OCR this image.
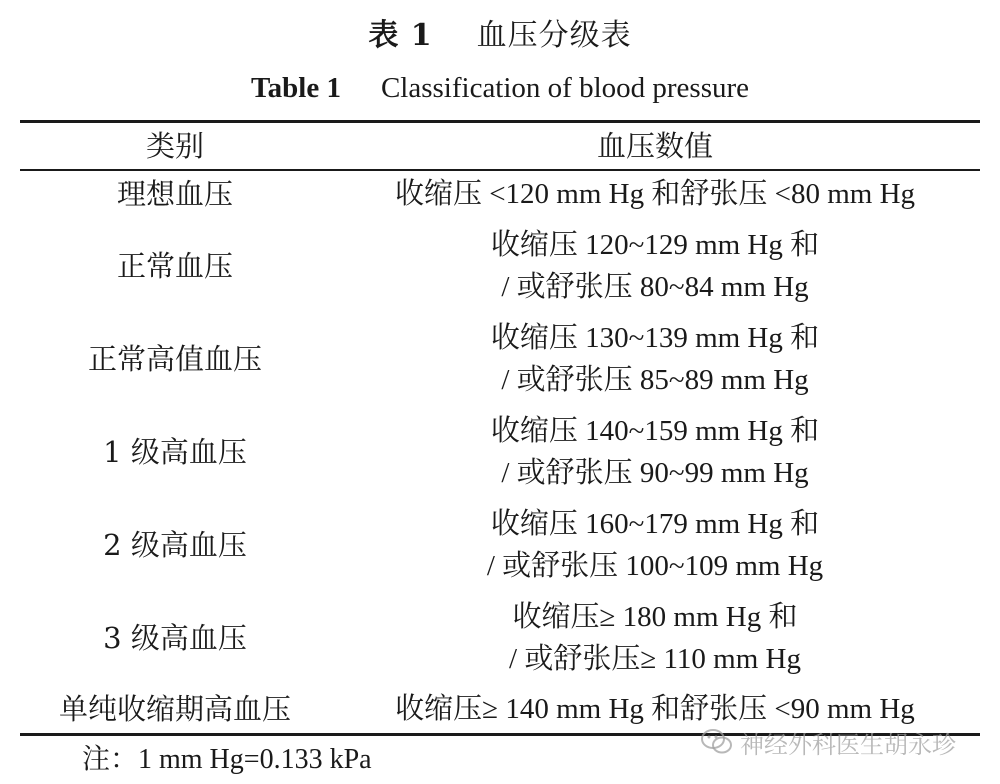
表 1 血压分级表
Table 1 Classification of blood pressure
类别	血压数值
理想血压	收缩压 <120 mm Hg 和舒张压 <80 mm Hg

正常血压	收缩压 120~129 mm Hg 和
/ 或舒张压 80~84 mm Hg

正常高值血压	收缩压 130~139 mm Hg 和
/ 或舒张压 85~89 mm Hg

1 级高血压	收缩压 140~159 mm Hg 和
/ 或舒张压 90~99 mm Hg

2 级高血压	收缩压 160~179 mm Hg 和
/ 或舒张压 100~109 mm Hg

3 级高血压	收缩压≥ 180 mm Hg 和
/ 或舒张压≥ 110 mm Hg

单纯收缩期高血压	收缩压≥ 140 mm Hg 和舒张压 <90 mm Hg
注：1 mm Hg=0.133 kPa	神经外科医生胡永珍
